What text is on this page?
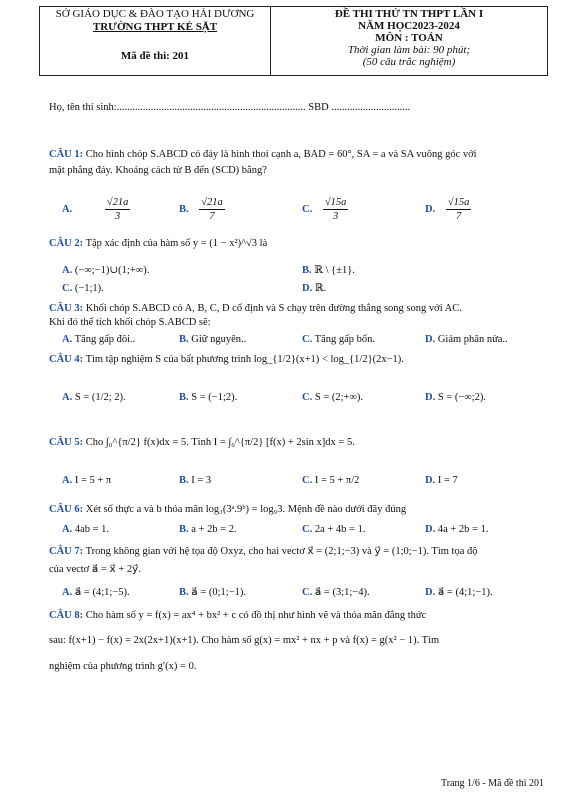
SỞ GIÁO DỤC & ĐÀO TẠO HẢI DƯƠNG
TRƯỜNG THPT KẺ SẶT
Mã đề thi: 201
ĐỀ THI THỬ TN THPT LẦN I
NĂM HỌC2023-2024
MÔN : TOÁN
Thời gian làm bài: 90 phút;
(50 câu trắc nghiệm)
Họ, tên thí sinh:........................................................................ SBD ..............................
CÂU 1: Cho hình chóp S.ABCD có đáy là hình thoi cạnh a, BAD = 60°, SA = a và SA vuông góc với
mặt phẳng đáy. Khoảng cách từ B đến (SCD) bằng?
A.	$\frac{√21a}{3}$	B. $\frac{√21a}{7}$	C. $\frac{√15a}{3}$	D. $\frac{√15a}{7}$
CÂU 2: Tập xác định của hàm số y = (1 − x²)^√3 là
A. (−∞;−1)∪(1;+∞).	B. ℝ \ {±1}.
C. (−1;1).	D. ℝ.
CÂU 3: Khối chóp S.ABCD có A, B, C, D cố định và S chạy trên đường thẳng song song với AC.
Khi đó thể tích khối chóp S.ABCD sẽ:
A. Tăng gấp đôi..	B. Giữ nguyên..	C. Tăng gấp bốn.	D. Giảm phân nửa..
CÂU 4: Tìm tập nghiệm S của bất phương trình log_{1/2}(x+1) < log_{1/2}(2x−1).
A. S = (1/2; 2).	B. S = (−1;2).	C. S = (2;+∞).	D. S = (−∞;2).
CÂU 5: Cho ∫₀^{π/2} f(x)dx = 5. Tính I = ∫₀^{π/2} [f(x) + 2sin x]dx = 5.
A. I = 5 + π	B. I = 3	C. I = 5 + π/2	D. I = 7
CÂU 6: Xét số thực a và b thỏa mãn log₃(3ᵃ.9ᵇ) = log₉3. Mệnh đề nào dưới đây đúng
A. 4ab = 1.	B. a + 2b = 2.	C. 2a + 4b = 1.	D. 4a + 2b = 1.
CÂU 7: Trong không gian với hệ tọa độ Oxyz, cho hai vectơ x⃗ = (2;1;−3) và y⃗ = (1;0;−1). Tìm tọa độ
của vectơ a⃗ = x⃗ + 2y⃗.
A. a⃗ = (4;1;−5).	B. a⃗ = (0;1;−1).	C. a⃗ = (3;1;−4).	D. a⃗ = (4;1;−1).
CÂU 8: Cho hàm số y = f(x) = ax⁴ + bx² + c có đồ thị như hình vẽ và thỏa mãn đẳng thức
sau: f(x+1) − f(x) = 2x(2x+1)(x+1). Cho hàm số g(x) = mx² + nx + p và f(x) = g(x² − 1). Tìm
nghiệm của phương trình g′(x) = 0.
Trang 1/6 - Mã đề thi 201
